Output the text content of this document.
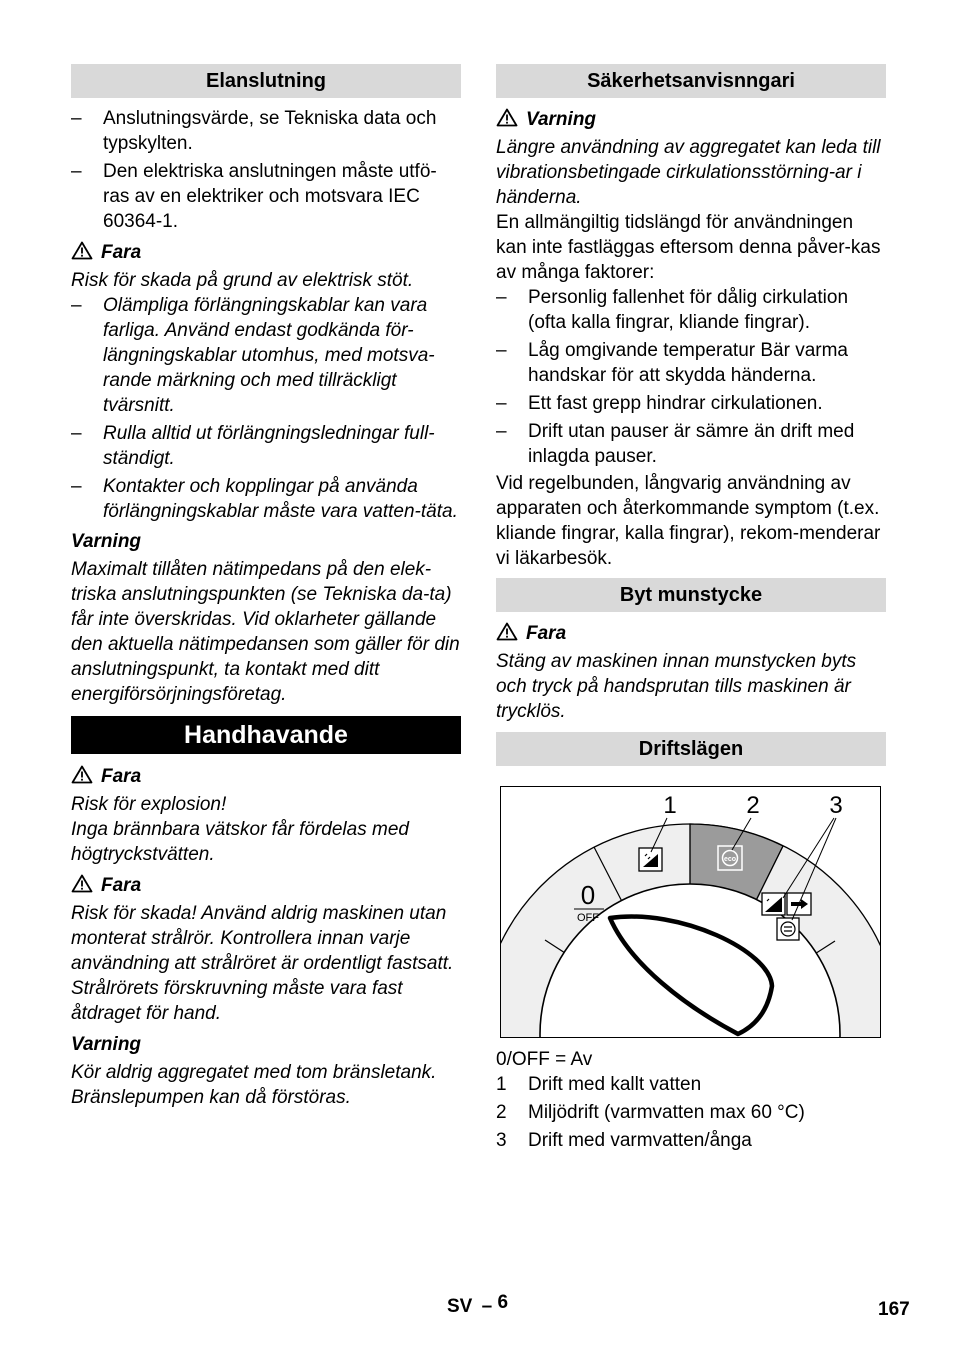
Elanslutning
– Anslutningsvärde, se Tekniska data och typskylten.
– Den elektriska anslutningen måste utfö-ras av en elektriker och motsvara IEC 60364-1.
Fara

Risk för skada på grund av elektrisk stöt.

– Olämpliga förlängningskablar kan vara farliga. Använd endast godkända för-längningskablar utomhus, med motsva-rande märkning och med tillräckligt tvärsnitt.
– Rulla alltid ut förlängningsledningar full-ständigt.
– Kontakter och kopplingar på använda förlängningskablar måste vara vatten-täta.
Varning

Maximalt tillåten nätimpedans på den elek-triska anslutningspunkten (se Tekniska da-ta) får inte överskridas. Vid oklarheter gällande den aktuella nätimpedansen som gäller för din anslutningspunkt, ta kontakt med ditt energiförsörjningsföretag.

Handhavande
Fara

Risk för explosion!

Inga brännbara vätskor får fördelas med högtryckstvätten.

Fara

Risk för skada! Använd aldrig maskinen utan monterat strålrör. Kontrollera innan varje användning att strålröret är ordentligt fastsatt. Strålrörets förskruvning måste vara fast åtdraget för hand.

Varning

Kör aldrig aggregatet med tom bränsletank. Bränslepumpen kan då förstöras.

Säkerhetsanvisnngari
Varning

Längre användning av aggregatet kan leda till vibrationsbetingade cirkulationsstörning-ar i händerna.

En allmängiltig tidslängd för användningen kan inte fastläggas eftersom denna påver-kas av många faktorer:

– Personlig fallenhet för dålig cirkulation (ofta kalla fingrar, kliande fingrar).
– Låg omgivande temperatur Bär varma handskar för att skydda händerna.
– Ett fast grepp hindrar cirkulationen.
– Drift utan pauser är sämre än drift med inlagda pauser.

Vid regelbunden, långvarig användning av apparaten och återkommande symptom (t.ex. kliande fingrar, kalla fingrar), rekom-menderar vi läkarbesök.

Byt munstycke
Fara

Stäng av maskinen innan munstycken byts och tryck på handsprutan tills maskinen är trycklös.

Driftslägen
eco
0
OFF
1	2	3

0/OFF = Av

1 Drift med kallt vatten
2 Miljödrift (varmvatten max 60 °C)
3 Drift med varmvatten/ånga
SV – 6	167
